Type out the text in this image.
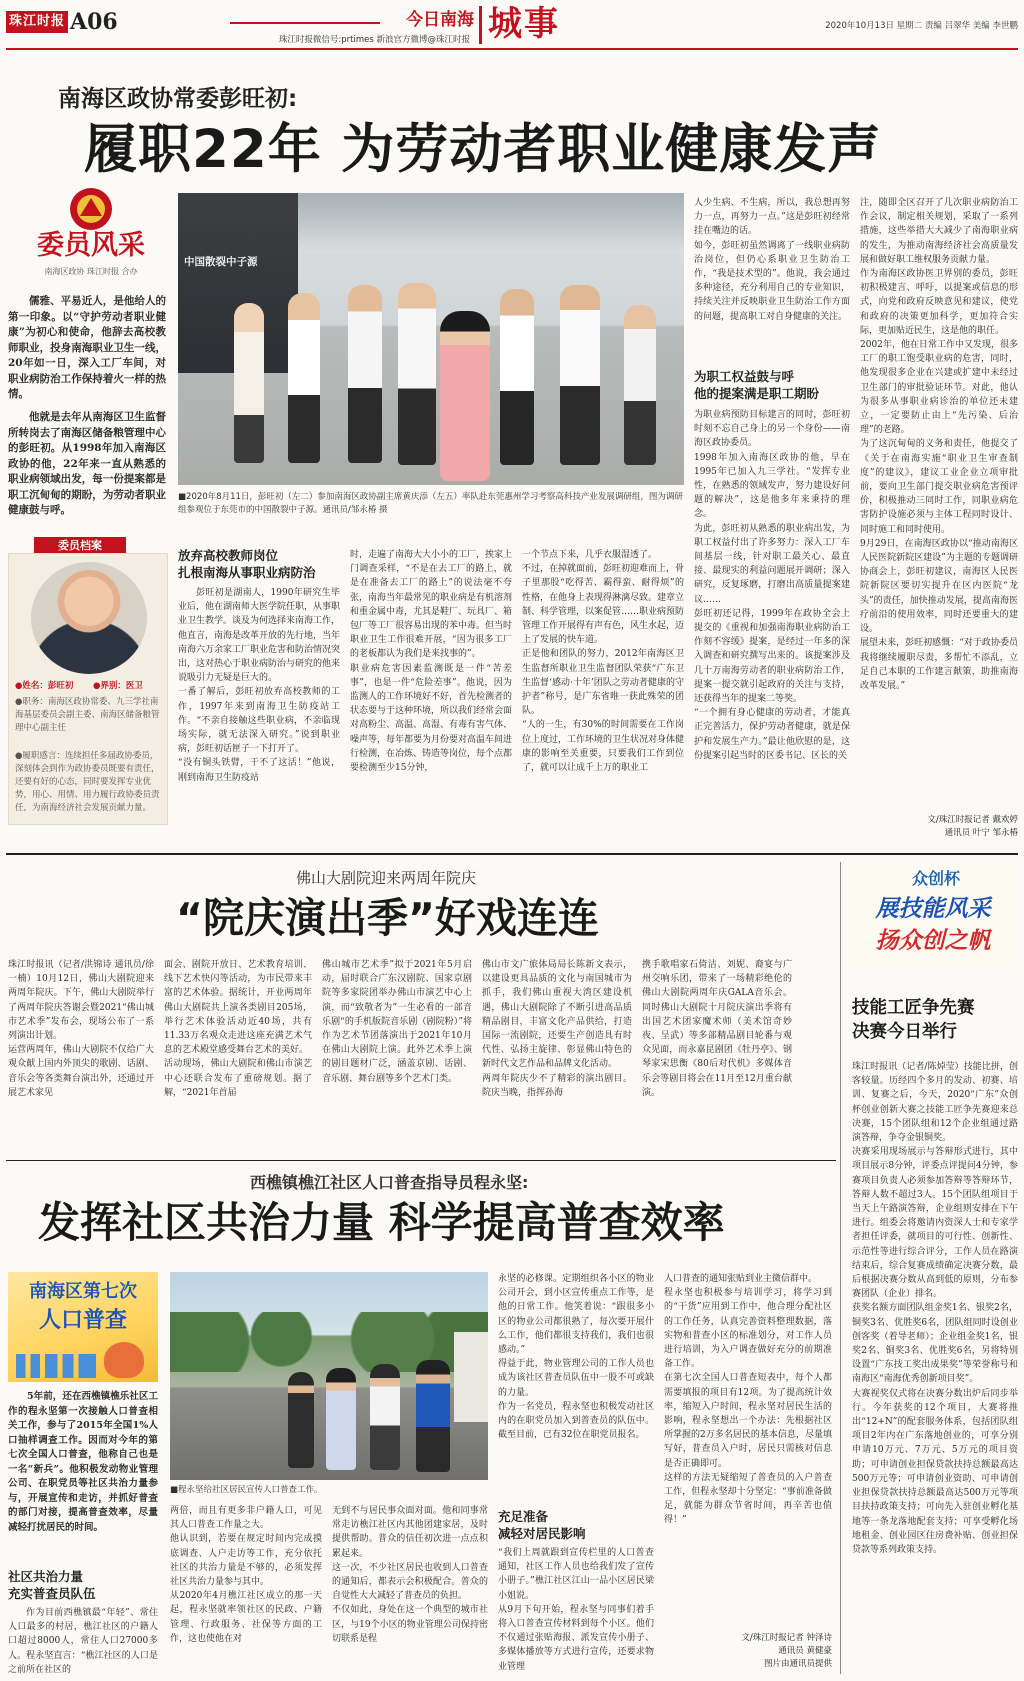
珠江时报 A06	今日南海 城事
珠江时报微信号:prtimes 新浪官方微博@珠江时报
2020年10月13日 星期二 责编 吕翠华 美编 李世鹏
南海区政协常委彭旺初:
履职22年 为劳动者职业健康发声
委员风采
南海区政协 珠江时报 合办
儒雅、平易近人，是他给人的第一印象。以“守护劳动者职业健康”为初心和使命，他辞去高校教师职业，投身南海职业卫生一线，20年如一日，深入工厂车间，对职业病防治工作保持着火一样的热情。
他就是去年从南海区卫生监督所转岗去了南海区储备粮管理中心的彭旺初。从1998年加入南海区政协的他，22年来一直从熟悉的职业病领域出发，每一份提案都是职工沉甸甸的期盼，为劳动者职业健康鼓与呼。
委员档案
●姓名：彭旺初	●界别：医卫
●职务：南海区政协常委、九三学社南海基层委员会副主委、南海区储备粮管理中心副主任
●履职感言：连续担任多届政协委员，深刻体会到作为政协委员既要有责任，还要有好的心态，同时要发挥专业优势，用心、用情、用力履行政协委员责任，为南海经济社会发展贡献力量。
中国散裂中子源
■2020年8月11日，彭旺初（左二）参加南海区政协副主席黄庆添（左五）率队赴东莞惠州学习考察高科技产业发展调研组，图为调研组参观位于东莞市的中国散裂中子源。通讯员/邹永椿 摄
放弃高校教师岗位
扎根南海从事职业病防治
彭旺初是湖南人，1990年研究生毕业后，他在湖南师大医学院任职，从事职业卫生教学。谈及为何选择来南海工作，他直言，南海是改革开放的先行地，当年南海六万余家工厂职业危害和防治情况突出，这对热心于职业病防治与研究的他来说吸引力无疑是巨大的。
一番了解后，彭旺初放弃高校教师的工作，1997年来到南海卫生防疫站工作。“不亲自接触这些职业病，不亲临现场实际，就无法深入研究。”说到职业病，彭旺初话匣子一下打开了。
“没有铜头铁臂，干不了这活！”他说，刚到南海卫生防疫站
时，走遍了南海大大小小的工厂，挨家上门调查采样，“不是在去工厂的路上，就是在准备去工厂的路上”的说法毫不夸张，南海当年最常见的职业病是有机溶剂和重金属中毒，尤其是鞋厂、玩具厂、箱包厂等工厂很容易出现的苯中毒。但当时职业卫生工作很难开展，“因为很多工厂的老板都认为我们是来找事的”。
职业病危害因素监测既是一件“苦差事”，也是一件“危险差事”。他说，因为监测人的工作环境好不好，首先检测者的状态要与于这种环境，所以我们经常会面对高粉尘、高温、高湿、有毒有害气体、噪声等，每年都要为月份要对高温车间进行检测，在冶炼、铸造等岗位，每个点都要检测至少15分钟，
一个节点下来，几乎衣服湿透了。
不过，在掉就面前，彭旺初迎难而上，骨子里那股“吃得苦、霸得蛮、耐得烦”的性格，在他身上表现得淋漓尽致。建章立制、科学管理，以案促管……职业病预防管理工作开展得有声有色，风生水起，迈上了发展的快车道。
正是他和团队的努力，2012年南海区卫生监督所职业卫生监督团队荣获“广东卫生监督‘感动·十年’团队之劳动者健康的守护者”称号，是广东省唯一获此殊荣的团队。
“人的一生，有30%的时间需要在工作岗位上度过，工作环境的卫生状况对身体健康的影响至关重要，只要我们工作到位了，就可以让成千上万的职业工
人少生病、不生病，所以，我总想再努力一点，再努力一点。”这是彭旺初经常挂在嘴边的话。
如今，彭旺初虽然调离了一线职业病防治岗位，但仍心系职业卫生防治工作，“我是技术型的”。他说，我会通过多种途径，充分利用自己的专业知识，持续关注并反映职业卫生防治工作方面的问题，提高职工对自身健康的关注。
为职工权益鼓与呼
他的提案满是职工期盼
为职业病预防目标建言的同时，彭旺初时刻不忘自己身上的另一个身份——南海区政协委员。
1998年加入南海区政协的他，早在1995年已加入九三学社。“发挥专业性，在熟悉的领域发声，努力建设好问题的解决”，这是他多年来秉持的理念。
为此，彭旺初从熟悉的职业病出发，为职工权益付出了许多努力：深入工厂车间基层一线，针对职工最关心、最直接、最现实的利益问题展开调研；深入研究，反复琢磨，打磨出高质量提案建议……
彭旺初还记得，1999年在政协全会上提交的《重视和加强南海职业病防治工作刻不容缓》提案，是经过一年多的深入调查和研究撰写出来的。该提案涉及几十万南海劳动者的职业病防治工作，提案一提交就引起政府的关注与支持，还获得当年的提案二等奖。
“一个拥有身心健康的劳动者，才能真正完善活力，保护劳动者健康，就是保护和发展生产力。”最让他欣慰的是，这份提案引起当时的区委书记、区长的关
注，随即全区召开了几次职业病防治工作会议，制定相关规划，采取了一系列措施，这些举措大大减少了南海职业病的发生，为推动南海经济社会高质量发展和做好职工维权服务贡献力量。
作为南海区政协医卫界别的委员，彭旺初积极建言、呼吁，以提案或信息的形式，向党和政府反映意见和建议，使党和政府的决策更加科学，更加符合实际，更加贴近民生，这是他的职任。
2002年，他在日常工作中又发现，很多工厂的职工饱受职业病的危害，同时，他发现很多企业在兴建或扩建中未经过卫生部门的审批验证环节。对此，他认为很多从事职业病诊治的单位还未建立，一定要防止由上“先污染、后治理”的老路。
为了这沉甸甸的义务和责任，他提交了《关于在南海实施“职业卫生审查制度”的建议》，建议工业企业立项审批前，要向卫生部门提交职业病危害预评价，积极推动三同时工作，同职业病危害防护设施必须与主体工程同时设计、同时施工和同时使用。
9月29日，在南海区政协以“推动南海区人民医院新院区建设”为主题的专题调研协商会上，彭旺初建议，南海区人民医院新院区要切实提升在区内医院“龙头”的责任，加快推动发展，提高南海医疗前沿的使用效率，同时还要重大的建设。
展望未来，彭旺初感慨：“对于政协委员我将继续履职尽责，多帮忙不添乱，立足自己本职的工作建言献策，助推南海改革发展。”
文/珠江时报记者 戴欢婷
通讯员 叶宁 邹永椿
佛山大剧院迎来两周年院庆
“院庆演出季”好戏连连
珠江时报讯（记者/洪锦诗 通讯员/徐一楠）10月12日，佛山大剧院迎来两周年院庆。下午，佛山大剧院举行了两周年院庆答谢会暨2021“佛山城市艺术季”发布会，现场公布了一系列演出计划。
运营两周年，佛山大剧院不仅给广大观众献上国内外顶尖的歌剧、话剧、音乐会等各类舞台演出外，还通过开展艺术家见
面会、剧院开放日、艺术教育培训、线下艺术快闪等活动，为市民带来丰富的艺术体验。据统计，开业两周年佛山大剧院共上演各类剧目205场，举行艺术体验活动近40场，共有11.33万名观众走进这座充满艺术气息的艺术殿堂感受舞台艺术的美好。
活动现场，佛山大剧院和佛山市演艺中心还联合发布了重磅规划。据了解，“2021年首届
佛山城市艺术季”拟于2021年5月启动，届时联合广东汉剧院、国家京剧院等多家院团举办佛山市演艺中心上演，而“致敬者为”一生必看的一部音乐剧“的手机版院音乐剧（剧院粉）”将作为艺术节团落演出于2021年10月在佛山大剧院上演。此外艺术季上演的剧目题材广泛，涵盖京剧、话剧、音乐剧、舞台剧等多个艺术门类。
佛山市文广旅体局局长陈新文表示，以建设更具品质的文化与南国城市为抓手，我们佛山重视大湾区建设机遇，佛山大剧院除了不断引进高品质精品剧目，丰富文化产品供给，打造国际一流剧院，还要生产创造具有时代性、弘扬主旋律、彰显佛山特色的新时代文艺作品和品牌文化活动。
两周年院庆少不了精彩的演出剧目。院庆当晚，指挥孙海
携手歌唱家石倚洁、刘妮、裔宴与广州交响乐团，带来了一场精彩绝伦的佛山大剧院两周年庆GALA音乐会。同时佛山大剧院十月院庆演出季将有出国艺术团家魔术师（美术馆奇妙夜、呈武）等多部精品剧目轮番与观众见面，而永嘉昆剧团《牡丹亭》、钢琴家宋思衡《80后对代机》多媒体音乐会等剧目将会在11月至12月重台献演。
众创杯
展技能风采
扬众创之帆
技能工匠争先赛
决赛今日举行
珠江时报讯（记者/陈焯莹）技能比拼，创客较量。历经四个多月的发动、初赛、培训、复赛之后，今天，2020“广东”众创杯创业创新大赛之技能工匠争先赛迎来总决赛，15个团队组和12个企业组通过路演答辩，争夺金银铜奖。
决赛采用现场展示与答辩形式进行，其中项目展示8分钟，评委点评提问4分钟，参赛项目负责人必须参加答辩等答辩环节，答辩人数不超过3人。15个团队组项目于当天上午路演答辩，企业组则安排在下午进行。组委会将邀请内资深人士和专家学者担任评委，就项目的可行性、创新性、示范性等进行综合评分，工作人员在路演结束后，综合复赛成绩确定决赛分数，最后根据决赛分数从高到低的原则，分布参赛团队（企业）排名。
获奖名额方面团队组金奖1名、银奖2名，铜奖3名、优胜奖6名，团队组同时设创业创客奖（着导老师）；企业组金奖1名，银奖2名、铜奖3名、优胜奖6名，另将特别设置“广东技工奖出成果奖”等荣誉称号和南海区“南海优秀创新项目奖”。
大赛视奖仅式将在决赛分数出炉后同步举行。今年获奖的12个项目，大赛将推出“12+N”的配套服务体系，包括团队组项目2年内在广东落地创业的，可享分别申请10万元、7万元、5万元的项目资助；可申请创业担保贷款扶持总额最高达500万元等；可申请创业资助、可申请创业担保贷款扶持总额最高达500万元等项目扶持政策支持；可向先入驻创业孵化基地等一条龙落地配套支持；可享受孵化场地租金、创业园区住房费补贴、创业担保贷款等系列政策支持。
西樵镇樵江社区人口普查指导员程永坚:
发挥社区共治力量 科学提高普查效率
南海区第七次
人口普查
5年前，还在西樵镇樵乐社区工作的程永坚第一次接触人口普查相关工作，参与了2015年全国1%人口抽样调查工作。因而对今年的第七次全国人口普查，他称自己也是一名“新兵”。他积极发动物业管理公司、在职党员等社区共治力量参与，开展宣传和走访，并抓好普查的部门对接，提高普查效率，尽量减轻打扰居民的时间。
社区共治力量
充实普查员队伍
作为目前西樵镇最“年轻”、常住人口最多的村居，樵江社区的户籍人口超过8000人，常住人口27000多人。程永坚直言：“樵江社区的人口是之前所在社区的
■程永坚给社区居民宣传人口普查工作。
两倍，而且有更多非户籍人口，可见其人口普查工作量之大。
他认识到，若要在规定时间内完成摸底调查、人户走访等工作，充分依托社区的共治力量是不够的，必须发挥社区共治力量参与其中。
从2020年4月樵江社区成立的那一天起，程永坚就率领社区的民政、户籍管理、行政服务、社保等方面的工作，这也使他在对
无到不与居民事众面对面。他和同事常常走访樵江社区内其他团建家居，及时提供帮助。普众的信任初次进一点点积累起来。
这一次，不少社区居民也收到人口普查的通知后，都表示会积极配合。普众的自觉性大大减轻了普查员的负担。
不仅如此，身处在这一个典型的城市社区，与19个小区的物业管理公司保持密切联系是程
永坚的必修课。定期组织各小区的物业公司开会，到小区宣传重点工作等，是他的日常工作。他笑着说：“跟很多小区的物业公司都很熟了，每次要开展什么工作，他们都很支持我们，我们也很感动。”
得益于此，物业管理公司的工作人员也成为该社区普查员队伍中一股不可或缺的力量。
作为一名党员，程永坚也积极发动社区内的在职党员加入到普查员的队伍中。截至目前，已有32位在职党员报名。
充足准备
减轻对居民影响
“我们上周就跟到宣传栏里的人口普查通知，社区工作人员也给我们发了宣传小册子。”樵江社区江山一品小区居民梁小姐说。
从9月下旬开始，程永坚与同事们着手将入口普查宣传材料到每个小区。他们不仅通过张贴海报、派发宣传小册子、多媒体播放等方式进行宣传，还要求物业管理
人口普查的通知张贴到业主微信群中。
程永坚也积极参与培训学习，将学习到的“干货”应用到工作中，他合理分配社区的工作任务，认真完善资料整理数据，落实物和普查小区的标准划分，对工作人员进行培训，为入户调查做好充分的前期准备工作。
在第七次全国人口普查短表中，每个人都需要填报的项目有12项。为了提高统计效率，缩短入户时间，程永坚对居民生活的影响，程永坚想出一个办法：先根据社区所掌握的2万多名居民的基本信息，尽量填写好，普查员入户时，居民只需核对信息是否正确即可。
这样的方法无疑缩短了普查员的入户普查工作，但程永坚却十分坚定：“事前准备做足，就能为群众节省时间，再辛苦也值得！”
文/珠江时报记者 钟泽诗
通讯员 黄健豪
图片由通讯员提供
